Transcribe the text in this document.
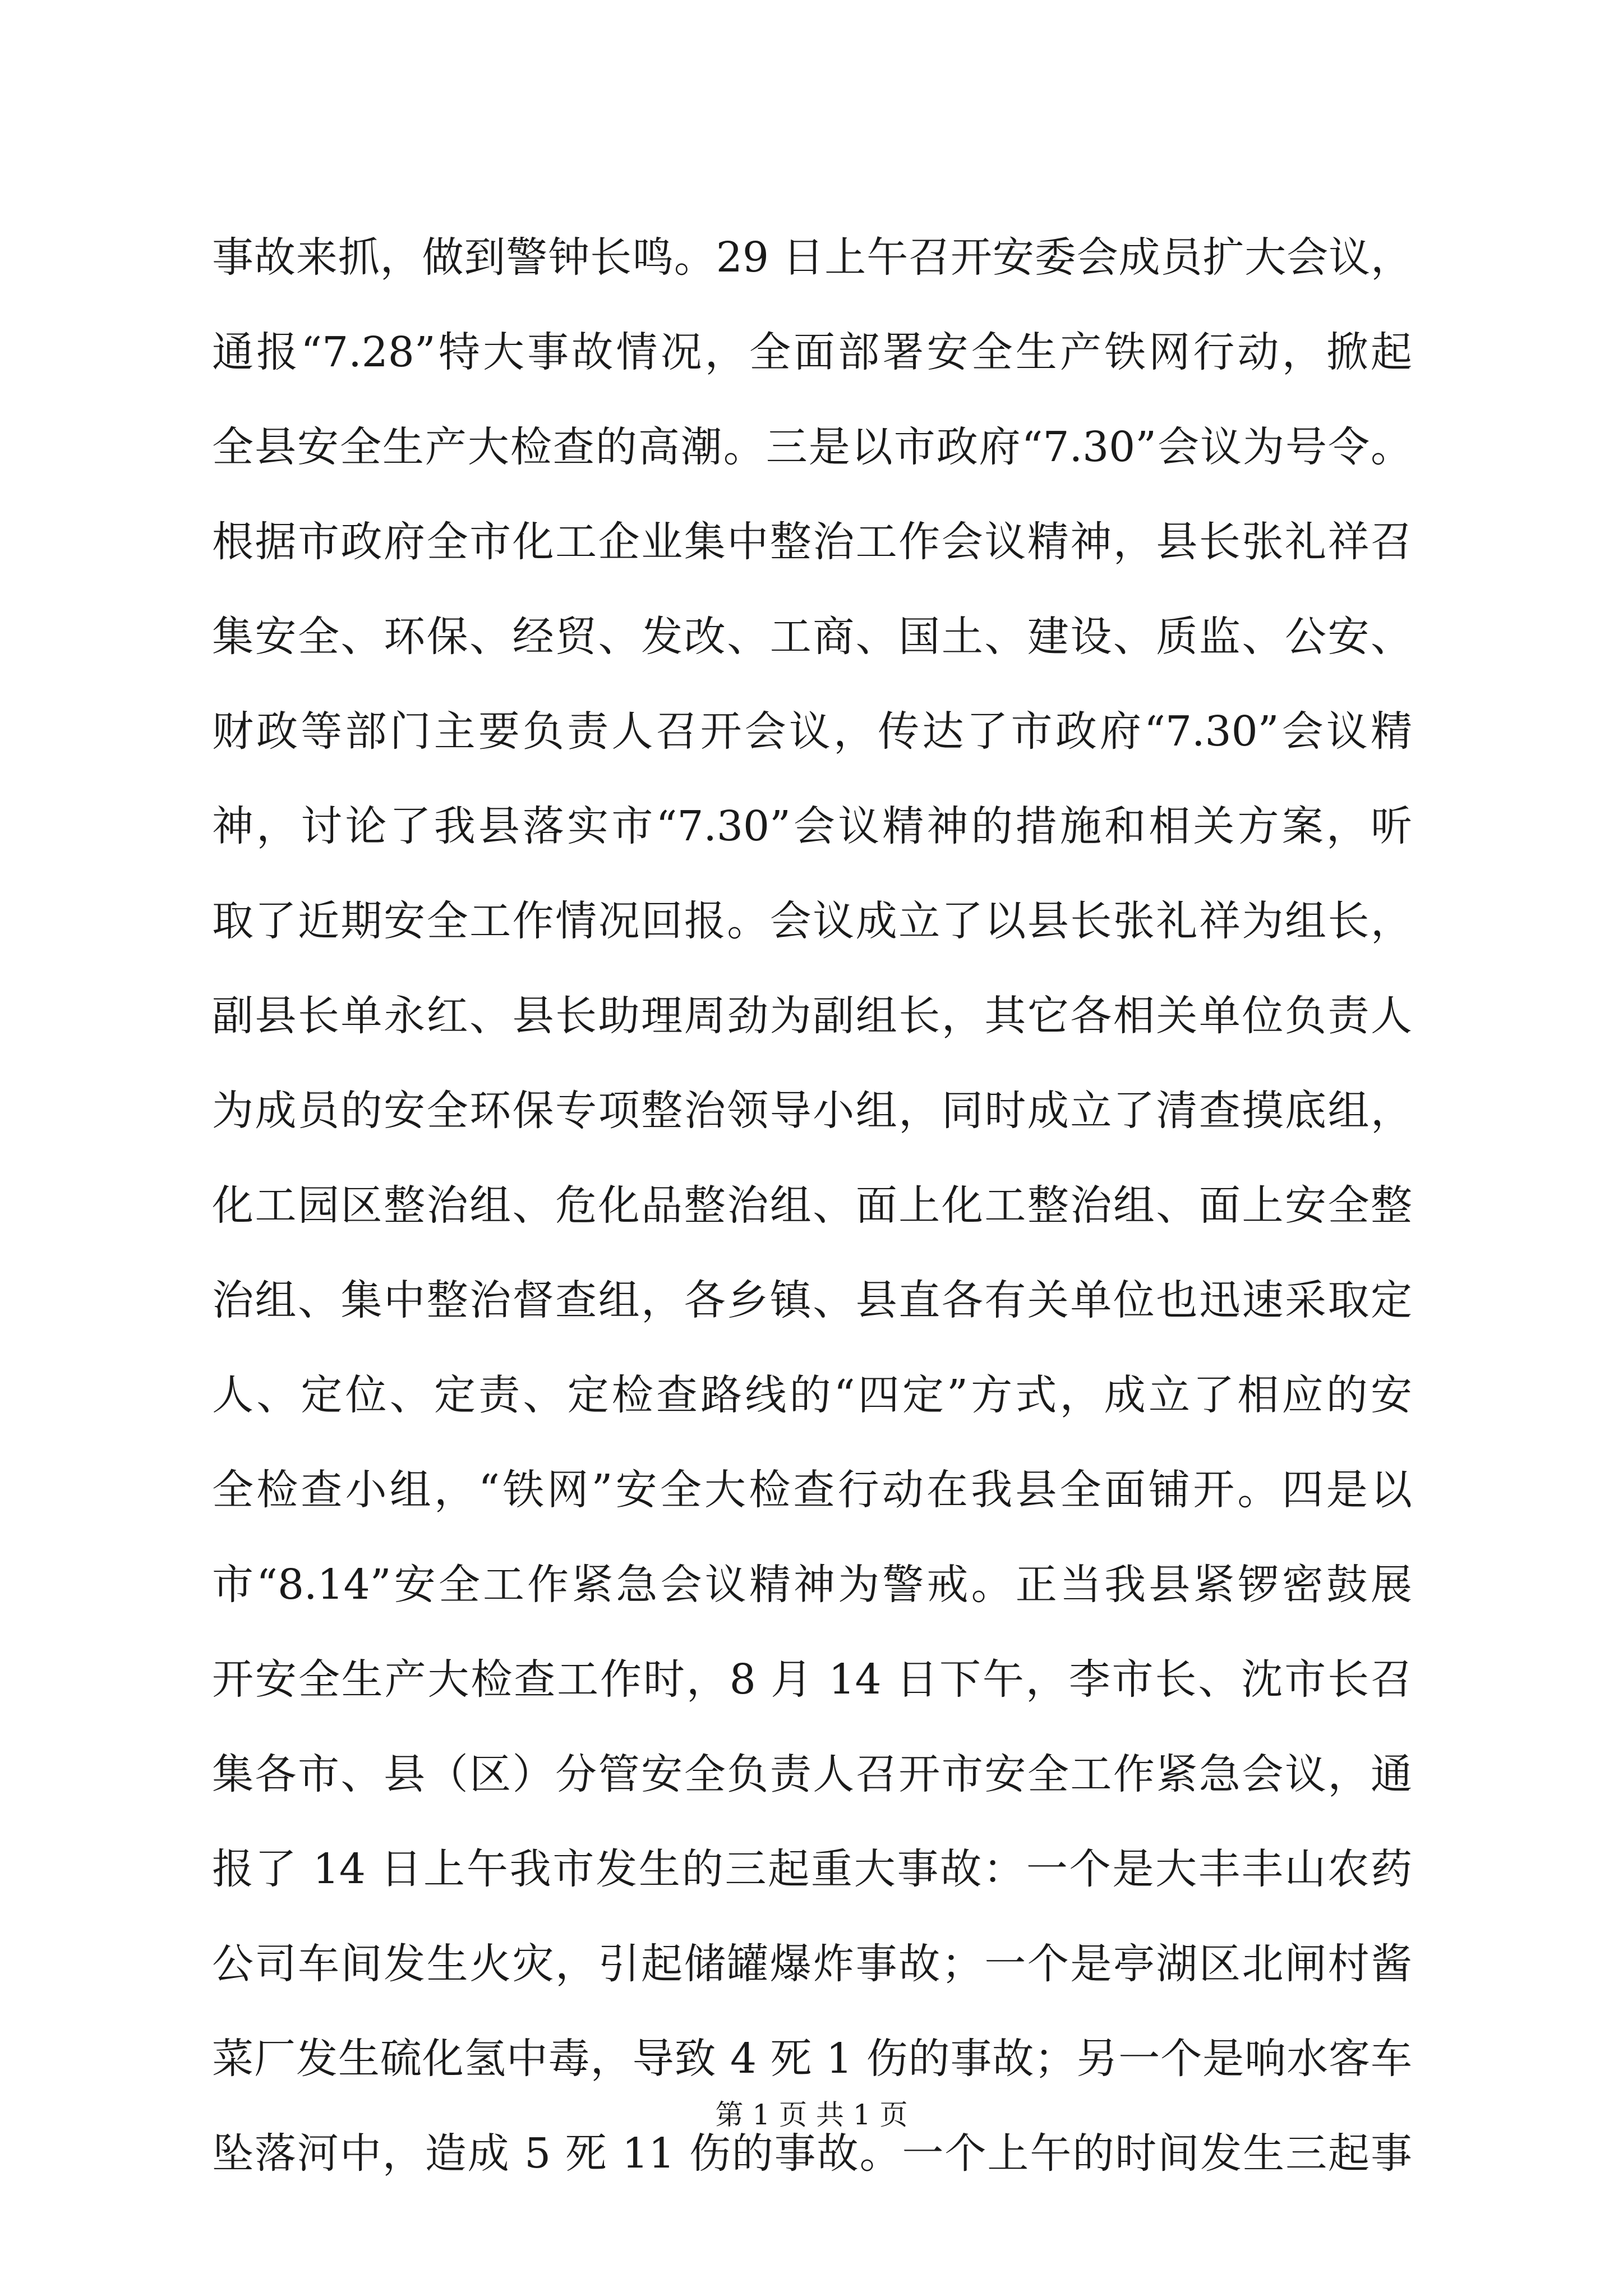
事故来抓，做到警钟长鸣。29 日上午召开安委会成员扩大会议，
通报“7.28”特大事故情况，全面部署安全生产铁网行动，掀起
全县安全生产大检查的高潮。三是以市政府“7.30”会议为号令。
根据市政府全市化工企业集中整治工作会议精神，县长张礼祥召
集安全、环保、经贸、发改、工商、国土、建设、质监、公安、
财政等部门主要负责人召开会议，传达了市政府“7.30”会议精
神，讨论了我县落实市“7.30”会议精神的措施和相关方案，听
取了近期安全工作情况回报。会议成立了以县长张礼祥为组长，
副县长单永红、县长助理周劲为副组长，其它各相关单位负责人
为成员的安全环保专项整治领导小组，同时成立了清查摸底组，
化工园区整治组、危化品整治组、面上化工整治组、面上安全整
治组、集中整治督查组，各乡镇、县直各有关单位也迅速采取定
人、定位、定责、定检查路线的“四定”方式，成立了相应的安
全检查小组，“铁网”安全大检查行动在我县全面铺开。四是以
市“8.14”安全工作紧急会议精神为警戒。正当我县紧锣密鼓展
开安全生产大检查工作时，8 月 14 日下午，李市长、沈市长召
集各市、县（区）分管安全负责人召开市安全工作紧急会议，通
报了 14 日上午我市发生的三起重大事故：一个是大丰丰山农药
公司车间发生火灾，引起储罐爆炸事故；一个是亭湖区北闸村酱
菜厂发生硫化氢中毒，导致 4 死 1 伤的事故；另一个是响水客车
坠落河中，造成 5 死 11 伤的事故。一个上午的时间发生三起事
第 1 页 共 1 页
